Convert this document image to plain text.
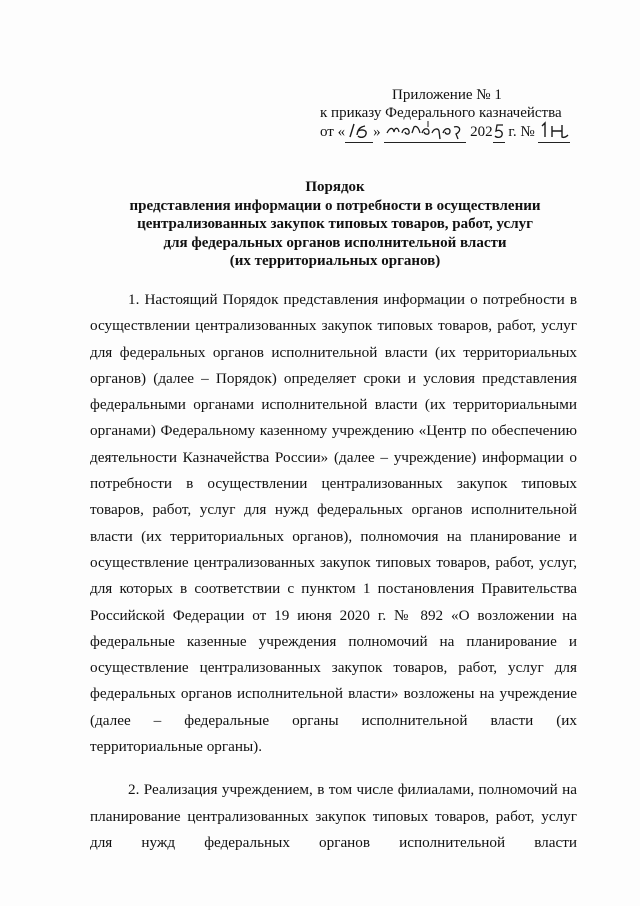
Приложение № 1
к приказу Федерального казначейства
от « »	202 г. №
Порядок
представления информации о потребности в осуществлении
централизованных закупок типовых товаров, работ, услуг
для федеральных органов исполнительной власти
(их территориальных органов)

1. Настоящий Порядок представления информации о потребности в осуществлении централизованных закупок типовых товаров, работ, услуг для федеральных органов исполнительной власти (их территориальных органов) (далее – Порядок) определяет сроки и условия представления федеральными органами исполнительной власти (их территориальными органами) Федеральному казенному учреждению «Центр по обеспечению деятельности Казначейства России» (далее – учреждение) информации о потребности в осуществлении централизованных закупок типовых товаров, работ, услуг для нужд федеральных органов исполнительной власти (их территориальных органов), полномочия на планирование и осуществление централизованных закупок типовых товаров, работ, услуг, для которых в соответствии с пунктом 1 постановления Правительства Российской Федерации от 19 июня 2020 г. № 892 «О возложении на федеральные казенные учреждения полномочий на планирование и осуществление централизованных закупок товаров, работ, услуг для федеральных органов исполнительной власти» возложены на учреждение (далее – федеральные органы исполнительной власти (их территориальные органы).

2. Реализация учреждением, в том числе филиалами, полномочий на планирование централизованных закупок типовых товаров, работ, услуг для нужд федеральных органов исполнительной власти
